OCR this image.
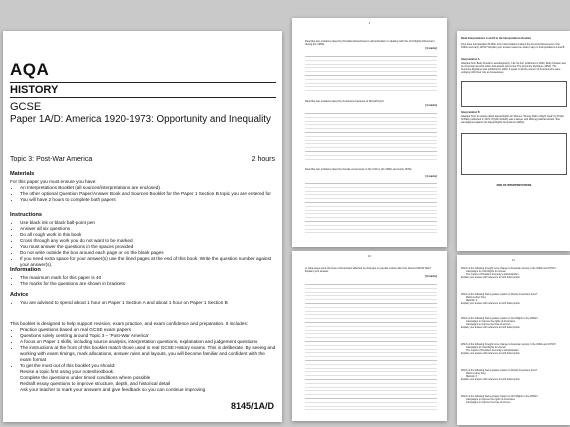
AQA
HISTORY
GCSE
Paper 1A/D: America 1920-1973: Opportunity and Inequality
Topic 3: Post-War America	2 hours
Materials

For this paper you must ensure you have:

• An Interpretations Booklet (all sources/interpretations are enclosed)
• The other optional Question Paper/Answer Book and Sources Booklet for the Paper 1 Section B topic you are entered for
• You will have 2 hours to complete both papers
Instructions
• Use black ink or black ball-point pen
• Answer all six questions
• Do all rough work in this book
• Cross through any work you do not want to be marked
• You must answer the questions in the spaces provided
• Do not write outside the box around each page or on the blank pages
• If you need extra space for your answer(s) use the lined pages at the end of this book. Write the question number against your answer(s).
Information
• The maximum mark for this paper is 40
• The marks for the questions are shown in brackets
Advice
• You are advised to spend about 1 hour on Paper 1 Section A and about 1 hour on Paper 1 Section B

This booklet is designed to help support revision, exam practice, and exam confidence and preparation. It includes:

• Practice questions based on real GCSE exam papers
• Questions solely centring around Topic 3 – 'Post-War America'
• A focus on Paper 1 skills, including source analysis, interpretation questions, explanation and judgement questions
• The instructions at the front of this booklet match those used in real GCSE History exams. This is deliberate. By seeing and working with exam timings, mark allocations, answer rules and layouts, you will become familiar and confident with the exam format
• To get the most out of this booklet you should:
Revise a topic first using your notes/textbook
Complete the questions under timed conditions where possible
Redraft essay questions to improve structure, depth, and historical detail
Ask your teacher to mark your answers and give feedback so you can continue improving
8145/1A/D
2
Describe two problems faced by President Eisenhower's administration in dealing with the Civil Rights Movement during the 1950s.
[4 marks]
Describe two problems faced by Americans because of McCarthyism.
[4 marks]
Describe two problems faced by female movements in the USA in the 1960s and early 1970s.
[4 marks]
Read Interpretations A and B in the Interpretations Booklet
How does Interpretation B differ from Interpretation A about the Feminist Movement in the 1960s and early 1970s? Explain your answer based on what it says in Interpretations A and B.
Interpretation A
Adapted from Betty Friedan's autobiography, 'Life So Far' published in 2000. Betty Friedan was an American feminist writer and activist who wrote The Feminine Mystique (1963). The Feminine Mystique was published in 1963. It spoke to all the women of America who were unhappy with their role as housewives.
Interpretation B
Adapted from an article called 'Equal Rights for Women: Wrong Path to Right Goal' by Phyllis Schlafly published in 1972. Phyllis Schlafly was a lawyer and lifelong political activist. She campaigned against the Equal Rights Amendment (ERA).
END OF INTERPRETATIONS
10
In what ways were the lives of Americans affected by changes in popular culture after the Second World War? Explain your answer.
[8 marks]
11
Which of the following brought more change to American society in the 1960s and 1970s?
Campaigns for Civil Rights for women
The impact of President Kennedy's administration
Explain your answer with reference to both bullet points.
Which of the following had a greater impact on African Americans' lives?
Martin Luther King
Malcolm X
Explain your answer with reference to both bullet points.
Which of the following had a greater impact on Civil Rights in the 1950s?
Campaigns to improve the rights of Americans
Campaigns to improve the lives of women
Explain your answer with reference to both bullet points.
Which of the following brought more change to American society in the 1960s and 1970s?
Campaigns for Civil Rights for women
The impact of President Kennedy's administration
Explain your answer with reference to both bullet points.
Which of the following had a greater impact on African Americans' lives?
Martin Luther King
Malcolm X
Explain your answer with reference to both bullet points.
Which of the following had a greater impact on Civil Rights in the 1950s?
Campaigns to improve the rights of Americans
Campaigns to improve the lives of women
